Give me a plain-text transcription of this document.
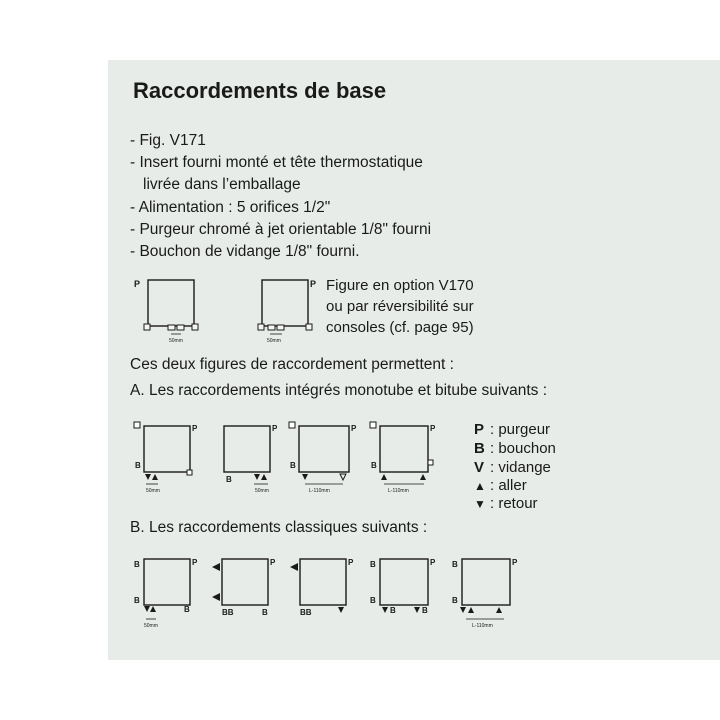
Raccordements de base
- Fig. V171
- Insert fourni monté et tête thermostatique
livrée dans l’emballage
- Alimentation : 5 orifices 1/2"
- Purgeur chromé à jet orientable 1/8" fourni
- Bouchon de vidange 1/8" fourni.
P
50mm
P
50mm
Figure en option V170
ou par réversibilité sur
consoles (cf. page 95)
Ces deux figures de raccordement permettent :
A. Les raccordements intégrés monotube et bitube suivants :
P
B
50mm
P
B
50mm
P
B
L-110mm
P
B
L-110mm
P : purgeur
B : bouchon
V : vidange
▲ : aller
▼ : retour
B. Les raccordements classiques suivants :
B	P
B
B
50mm
P
BB	B
P
BB
B	P
B
B	B
B	P
B
L-110mm
